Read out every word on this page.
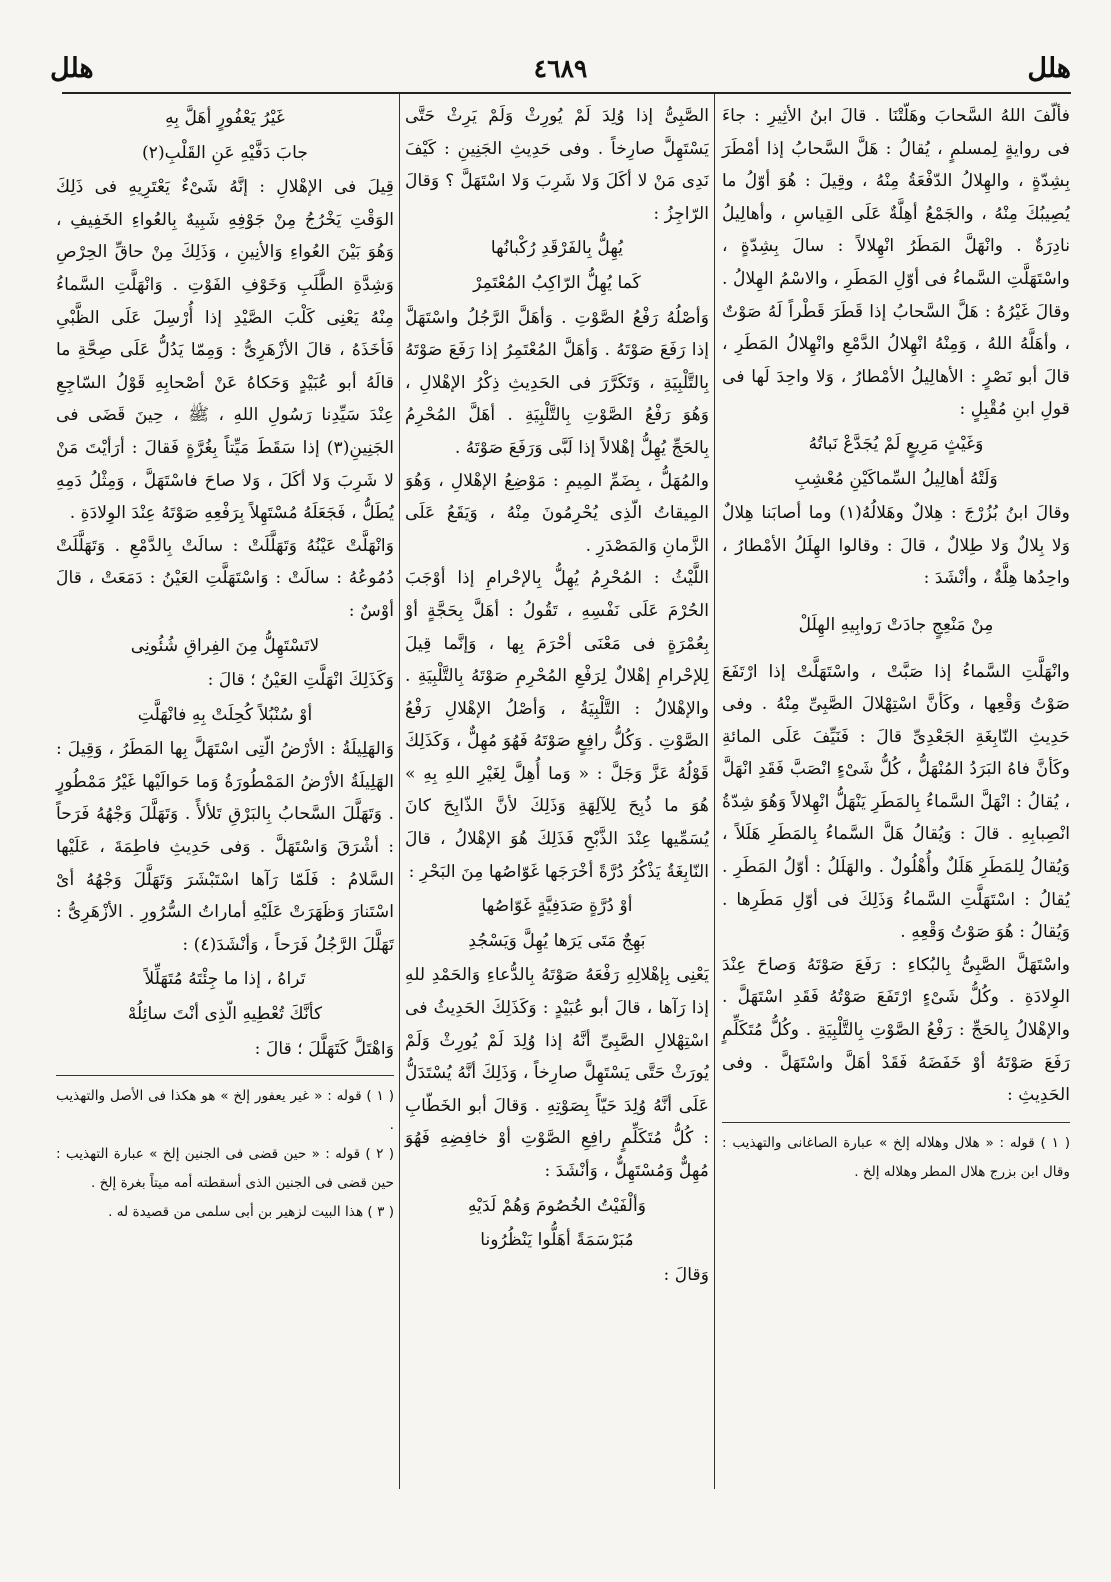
هلل
٤٦٨٩
هلل

فألّفَ اللهُ السَّحابَ وهَلّتْنَا . قالَ ابنُ الأثِيرِ : جاءَ فى روايةٍ لِمسلمٍ ، يُقالُ : هَلَّ السَّحابُ إذا أمْطَرَ بِشِدّةٍ ، والهِلالُ الدّفْعَةُ مِنْهُ ، وقِيلَ : هُوَ أوّلُ ما يُصِيبُكَ مِنْهُ ، والجَمْعُ أهِلَّةٌ عَلَى القِياسِ ، وأهالِيلُ نادِرَةٌ . وانْهَلَّ المَطَرُ انْهِلالاً : سالَ بِشِدّةٍ ، واسْتَهَلَّتِ السَّماءُ فى أوّلِ المَطَرِ ، والاسْمُ الهِلالُ . وقالَ غَيْرُهُ : هَلَّ السَّحابُ إذا قَطَرَ قَطْراً لَهُ صَوْتٌ ، وأهَلَّهُ اللهُ ، وَمِنْهُ انْهِلالُ الدَّمْعِ وانْهِلالُ المَطَرِ ، قالَ أبو نَصْرٍ : الأهالِيلُ الأمْطارُ ، وَلا واحِدَ لَها فى قولِ ابنِ مُقْبِلٍ :

وَغَيْثٍ مَرِيعٍ لَمْ يُجَدَّعْ نَباتُهُ

وَلَتْهُ أهالِيلُ السِّماكَيْنِ مُعْشِبِ

وقالَ ابنُ بُزُرْجَ : هِلالٌ وهَلالُهُ(١) وما أصابَنا هِلالٌ وَلا بِلالٌ وَلا طِلالٌ ، قالَ : وقالوا الهِلَلُ الأمْطارُ ، واحِدُها هِلَّةٌ ، وأنْشَدَ :

مِنْ مَنْعِجٍ جادَتْ رَوابِيهِ الهِلَلْ

وانْهَلَّتِ السَّماءُ إذا صَبَّتْ ، واسْتَهَلَّتْ إذا ارْتَفَعَ صَوْتُ وَقْعِها ، وكَأنَّ اسْتِهْلالَ الصَّبِىِّ مِنْهُ . وفى حَدِيثِ النّابِغَةِ الجَعْدِىِّ قالَ : فَنَيِّفَ عَلَى المائةِ وكَأنَّ فاهُ البَرَدُ المُنْهَلُّ ، كُلُّ شَىْءٍ انْصَبَّ فَقَدِ انْهَلَّ ، يُقالُ : انْهَلَّ السَّماءُ بِالمَطَرِ يَنْهَلُّ انْهِلالاً وَهُوَ شِدّةُ انْصِبابِهِ . قالَ : وَيُقالُ هَلَّ السَّماءُ بِالمَطَرِ هَلَلاً ، وَيُقالُ لِلمَطَرِ هَلَلٌ وأُهْلُولٌ . والهَلَلُ : أوّلُ المَطَرِ . يُقالُ : اسْتَهَلَّتِ السَّماءُ وَذَلِكَ فى أوّلِ مَطَرِها . وَيُقالُ : هُوَ صَوْتُ وَقْعِهِ .

واسْتَهَلَّ الصَّبِىُّ بِالبُكاءِ : رَفَعَ صَوْتَهُ وَصاحَ عِنْدَ الوِلادَةِ . وكُلُّ شَىْءٍ ارْتَفَعَ صَوْتُهُ فَقَدِ اسْتَهَلَّ . والإهْلالُ بِالحَجِّ : رَفْعُ الصَّوْتِ بِالتَّلْبِيَةِ . وكُلُّ مُتَكَلِّمٍ رَفَعَ صَوْتَهُ أوْ خَفَضَهُ فَقَدْ أهَلَّ واسْتَهَلَّ . وفى الحَدِيثِ :

( ١ ) قوله : « هلال وهلاله إلخ » عبارة الصاغانى والتهذيب : وقال ابن بزرج هلال المطر وهلاله إلخ .

الصَّبِىُّ إذا وُلِدَ لَمْ يُورِثْ وَلَمْ يَرِثْ حَتَّى يَسْتَهِلَّ صارِخاً . وفى حَدِيثِ الجَنِينِ : كَيْفَ نَدِى مَنْ لا أكَلَ وَلا شَرِبَ وَلا اسْتَهَلَّ ؟ وَقالَ الرّاجِزُ :

يُهِلُّ بِالفَرْقَدِ رُكْبانُها

كَما يُهِلُّ الرّاكِبُ المُعْتَمِرْ

وَأصْلُهُ رَفْعُ الصَّوْتِ . وَأهَلَّ الرَّجُلُ واسْتَهَلَّ إذا رَفَعَ صَوْتَهُ . وَأهَلَّ المُعْتَمِرُ إذا رَفَعَ صَوْتَهُ بِالتَّلْبِيَةِ ، وَتَكَرَّرَ فى الحَدِيثِ ذِكْرُ الإهْلالِ ، وَهُوَ رَفْعُ الصَّوْتِ بِالتَّلْبِيَةِ . أهَلَّ المُحْرِمُ بِالحَجِّ يُهِلُّ إهْلالاً إذا لَبَّى وَرَفَعَ صَوْتَهُ .

والمُهَلُّ ، بِضَمِّ المِيمِ : مَوْضِعُ الإهْلالِ ، وَهُوَ المِيقاتُ الّذِى يُحْرِمُونَ مِنْهُ ، وَيَقَعُ عَلَى الزَّمانِ وَالمَصْدَرِ .

اللَّيْثُ : المُحْرِمُ يُهِلُّ بِالإحْرامِ إذا أوْجَبَ الحُرْمَ عَلَى نَفْسِهِ ، تَقُولُ : أهَلَّ بِحَجَّةٍ أوْ بِعُمْرَةٍ فى مَعْنَى أحْرَمَ بِها ، وَإنَّما قِيلَ لِلإحْرامِ إهْلالٌ لِرَفْعِ المُحْرِمِ صَوْتَهُ بِالتَّلْبِيَةِ . والإهْلالُ : التَّلْبِيَةُ ، وَأصْلُ الإهْلالِ رَفْعُ الصَّوْتِ . وَكُلُّ رافِعٍ صَوْتَهُ فَهُوَ مُهِلٌّ ، وَكَذَلِكَ قَوْلُهُ عَزَّ وَجَلَّ : « وَما أُهِلَّ لِغَيْرِ اللهِ بِهِ » هُوَ ما ذُبِحَ لِلآلِهَةِ وَذَلِكَ لأنَّ الذّابِحَ كانَ يُسَمِّيها عِنْدَ الذَّبْحِ فَذَلِكَ هُوَ الإهْلالُ ، قالَ النّابِغَةُ يَذْكُرُ دُرَّةً أخْرَجَها غَوّاصُها مِنَ البَحْرِ :

أوْ دُرَّةٍ صَدَفِيَّةٍ غَوّاصُها

بَهِجٌ مَتَى يَرَها يُهِلَّ وَيَسْجُدِ

يَعْنِى بِإهْلالِهِ رَفْعَهُ صَوْتَهُ بِالدُّعاءِ وَالحَمْدِ للهِ إذا رَآها ، قالَ أبو عُبَيْدٍ : وَكَذَلِكَ الحَدِيثُ فى اسْتِهْلالِ الصَّبِىِّ أنَّهُ إذا وُلِدَ لَمْ يُورِثْ وَلَمْ يُورَثْ حَتَّى يَسْتَهِلَّ صارِخاً ، وَذَلِكَ أنَّهُ يُسْتَدَلُّ عَلَى أنَّهُ وُلِدَ حَيّاً بِصَوْتِهِ . وَقالَ أبو الخَطّابِ : كُلُّ مُتَكَلِّمٍ رافِعِ الصَّوْتِ أوْ خافِضِهِ فَهُوَ مُهِلٌّ وَمُسْتَهِلٌّ ، وَأنْشَدَ :

وَألْفَيْتُ الخُصُومَ وَهُمْ لَدَيْهِ

مُبَرْسَمَةً أهَلُّوا يَنْظُرُونا

وَقالَ :

غَيْرُ يَعْفُورٍ أهَلَّ بِهِ

جابَ دَفَّيْهِ عَنِ القَلْبِ(٢)

قِيلَ فى الإهْلالِ : إنَّهُ شَىْءٌ يَعْتَرِيهِ فى ذَلِكَ الوَقْتِ يَخْرُجُ مِنْ جَوْفِهِ شَبِيهٌ بِالعُواءِ الخَفِيفِ ، وَهُوَ بَيْنَ العُواءِ وَالأنِينِ ، وَذَلِكَ مِنْ حاقِّ الحِرْصِ وَشِدَّةِ الطَّلَبِ وَخَوْفِ الفَوْتِ . وَانْهَلَّتِ السَّماءُ مِنْهُ يَعْنِى كَلْبَ الصَّيْدِ إذا أُرْسِلَ عَلَى الظَّبْىِ فَأخَذَهُ ، قالَ الأزْهَرِىُّ : وَمِمّا يَدُلُّ عَلَى صِحَّةِ ما قالَهُ أبو عُبَيْدٍ وَحَكاهُ عَنْ أصْحابِهِ قَوْلُ السّاجِعِ عِنْدَ سَيِّدِنا رَسُولِ اللهِ ، ﷺ ، حِينَ قَضَى فى الجَنِينِ(٣) إذا سَقَطَ مَيِّتاً بِغُرَّةٍ فَقالَ : أرَأيْتَ مَنْ لا شَرِبَ وَلا أكَلَ ، وَلا صاحَ فاسْتَهَلَّ ، وَمِثْلُ دَمِهِ يُطَلُّ ، فَجَعَلَهُ مُسْتَهِلاً بِرَفْعِهِ صَوْتَهُ عِنْدَ الوِلادَةِ .

وَانْهَلَّتْ عَيْنُهُ وَتَهَلَّلَتْ : سالَتْ بِالدَّمْعِ . وَتَهَلَّلَتْ دُمُوعُهُ : سالَتْ : وَاسْتَهَلَّتِ العَيْنُ : دَمَعَتْ ، قالَ أوْسٌ :

لاتَسْتَهِلُّ مِنَ الفِراقِ شُئُونِى

وَكَذَلِكَ انْهَلَّتِ العَيْنُ ؛ قالَ :

أوْ سُنْبُلاً كُحِلَتْ بِهِ فانْهَلَّتِ

وَالهَلِيلَةُ : الأرْضُ الّتِى اسْتَهَلَّ بِها المَطَرُ ، وَقِيلَ : الهَلِيلَةُ الأرْضُ المَمْطُورَةُ وَما حَوالَيْها غَيْرُ مَمْطُورٍ . وَتَهَلَّلَ السَّحابُ بِالبَرْقِ تَلألأً . وَتَهَلَّلَ وَجْهُهُ فَرَحاً : أشْرَقَ وَاسْتَهَلَّ . وَفى حَدِيثِ فاطِمَةَ ، عَلَيْها السَّلامُ : فَلَمّا رَآها اسْتَبْشَرَ وَتَهَلَّلَ وَجْهُهُ أىْ اسْتَنارَ وَظَهَرَتْ عَلَيْهِ أماراتُ السُّرُورِ . الأزْهَرِىُّ : تَهَلَّلَ الرَّجُلُ فَرَحاً ، وَأنْشَدَ(٤) :

تَراهُ ، إذا ما جِئْتَهُ مُتَهَلِّلاً

كأنَّكَ تُعْطِيهِ الّذِى أنْتَ سائِلُهْ

وَاهْتَلَّ كَتَهَلَّلَ ؛ قالَ :

( ١ ) قوله : « غير يعفور إلخ » هو هكذا فى الأصل والتهذيب .

( ٢ ) قوله : « حين قضى فى الجنين إلخ » عبارة التهذيب : حين قضى فى الجنين الذى أسقطته أمه ميتاً بغرة إلخ .

( ٣ ) هذا البيت لزهير بن أبى سلمى من قصيدة له .
